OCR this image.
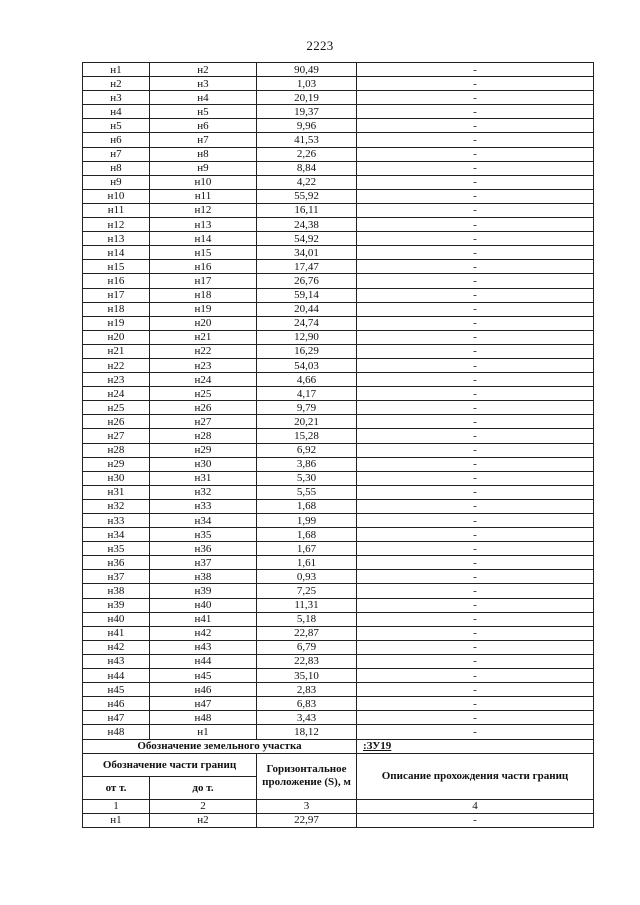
2223
н1	н2	90,49	-
н2	н3	1,03	-
н3	н4	20,19	-
н4	н5	19,37	-
н5	н6	9,96	-
н6	н7	41,53	-
н7	н8	2,26	-
н8	н9	8,84	-
н9	н10	4,22	-
н10	н11	55,92	-
н11	н12	16,11	-
н12	н13	24,38	-
н13	н14	54,92	-
н14	н15	34,01	-
н15	н16	17,47	-
н16	н17	26,76	-
н17	н18	59,14	-
н18	н19	20,44	-
н19	н20	24,74	-
н20	н21	12,90	-
н21	н22	16,29	-
н22	н23	54,03	-
н23	н24	4,66	-
н24	н25	4,17	-
н25	н26	9,79	-
н26	н27	20,21	-
н27	н28	15,28	-
н28	н29	6,92	-
н29	н30	3,86	-
н30	н31	5,30	-
н31	н32	5,55	-
н32	н33	1,68	-
н33	н34	1,99	-
н34	н35	1,68	-
н35	н36	1,67	-
н36	н37	1,61	-
н37	н38	0,93	-
н38	н39	7,25	-
н39	н40	11,31	-
н40	н41	5,18	-
н41	н42	22,87	-
н42	н43	6,79	-
н43	н44	22,83	-
н44	н45	35,10	-
н45	н46	2,83	-
н46	н47	6,83	-
н47	н48	3,43	-
н48	н1	18,12	-
Обозначение земельного участка			:ЗУ19
Обозначение части границ		Горизонтальное проложение (S), м	Описание прохождения части границ
от т.	до т.		
1	2	3	4
н1	н2	22,97	-
